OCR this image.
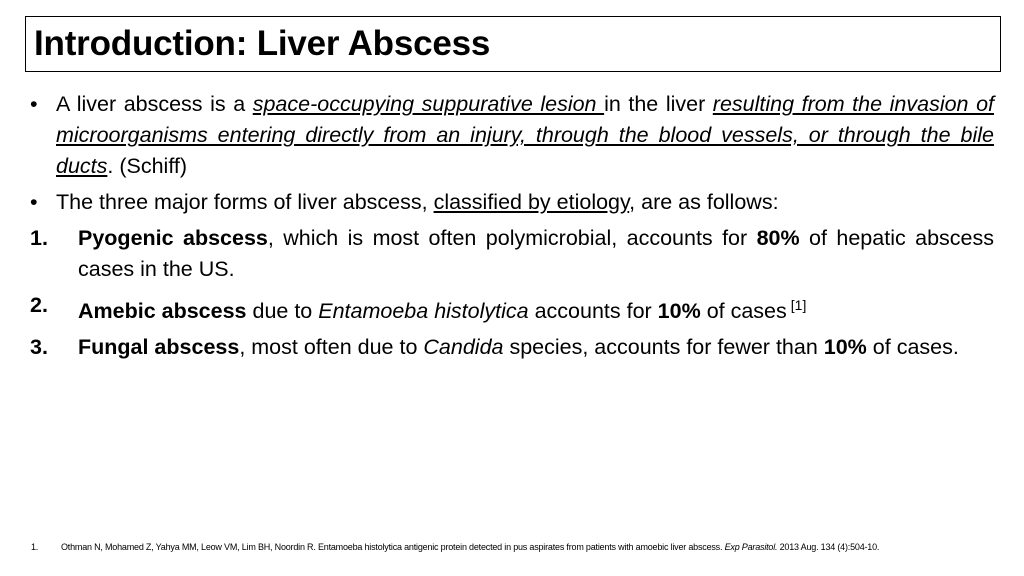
Introduction: Liver Abscess
• A liver abscess is a space-occupying suppurative lesion in the liver resulting from the invasion of microorganisms entering directly from an injury, through the blood vessels, or through the bile ducts. (Schiff)
• The three major forms of liver abscess, classified by etiology, are as follows:
1. Pyogenic abscess, which is most often polymicrobial, accounts for 80% of hepatic abscess cases in the US.
2. Amebic abscess due to Entamoeba histolytica accounts for 10% of cases [1]
3. Fungal abscess, most often due to Candida species, accounts for fewer than 10% of cases.
1.	Othman N, Mohamed Z, Yahya MM, Leow VM, Lim BH, Noordin R. Entamoeba histolytica antigenic protein detected in pus aspirates from patients with amoebic liver abscess. Exp Parasitol. 2013 Aug. 134 (4):504-10.
